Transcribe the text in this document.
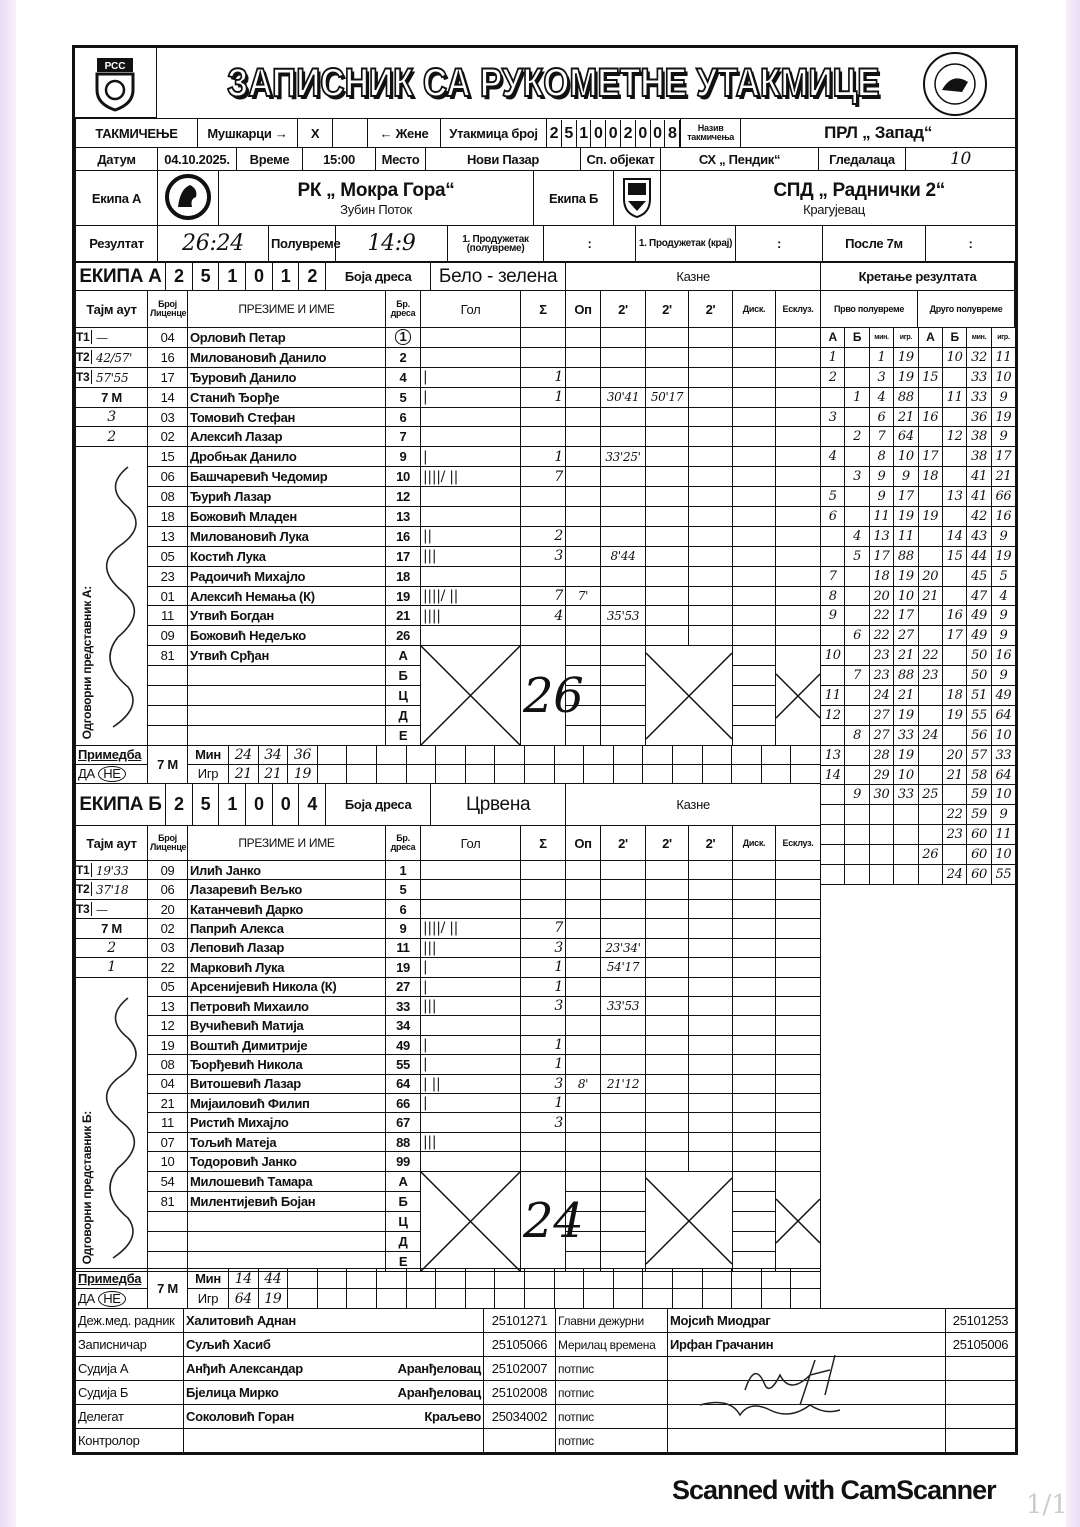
РСС	ЗАПИСНИК СА РУКОМЕТНЕ УТАКМИЦЕ
ТАКМИЧЕЊЕ	Мушкарци →	X		← Жене	Утакмица број	2 5 1 0 0 2 0 0 8	Назив такмичења	ПРЛ „ Запад“
Датум	04.10.2025.	Време	15:00	Место	Нови Пазар	Сп. објекат	СХ „ Пендик“	Гледалаца	10
Екипа А		РК „ Мокра Гора“
Зубин Поток
	Екипа Б		СПД „ Раднички 2“
Крагујевац
Резултат	26:24	Полувреме	14:9	1. Продужетак (полувреме)	:	1. Продужетак (крај)	:	После 7м	:
ЕКИПА А	2	5	1	0	1	2	Боја дреса	Бело - зелена	Казне
Тајм аут	Број Лиценце	ПРЕЗИМЕ И ИМЕ	Бр. дреса	Гол	Σ	Оп	2'	2'	2'	Диск.	Есклуз.

T1 —	04	Орловић Петар	1								

T2 42/57'	16	Миловановић Данило	2								

T3 57'55	17	Ђуровић Данило	4	|	1						
7 М	14	Станић Ђорђе	5	|	1		30'41	50'17			
3	03	Томовић Стефан	6								
2	02	Алексић Лазар	7								

Одговорни представник А:	15	Дробњак Данило	9	|	1		33'25'				
	06	Башчаревић Чедомир	10	||||/ ||	7						
	08	Ђурић Лазар	12								
	18	Божовић Младен	13								
	13	Миловановић Лука	16	||	2						
	05	Костић Лука	17	|||	3		8'44				
	23	Радоичић Михајло	18								
	01	Алексић Немања (К)	19	||||/ ||	7	7'					
	11	Утвић Богдан	21	||||	4		35'53				
	09	Божовић Недељко	26								
	81	Утвић Срђан	А		26			

			Б								
			Ц								
			Д								
			Е								
Примедба	7 М	Мин	24	34	36																	
ДА НЕ		Игр	21	21	19																	
ЕКИПА Б	2	5	1	0	0	4	Боја дреса	Црвена	Казне
Тајм аут	Број Лиценце	ПРЕЗИМЕ И ИМЕ	Бр. дреса	Гол	Σ	Оп	2'	2'	2'	Диск.	Есклуз.

T1 19'33	09	Илић Јанко	1								

T2 37'18	06	Лазаревић Вељко	5								

T3 —	20	Катанчевић Дарко	6								
7 М	02	Папрић Алекса	9	||||/ ||	7						
2	03	Леповић Лазар	11	|||	3		23'34'				
1	22	Марковић Лука	19	|	1		54'17				

Одговорни представник Б:	05	Арсенијевић Никола (К)	27	|	1						
	13	Петровић Михаило	33	|||	3		33'53				
	12	Вучићевић Матија	34								
	19	Воштић Димитрије	49	|	1						
	08	Ђорђевић Никола	55	|	1						
	04	Витошевић Лазар	64	| ||	3	8'	21'12				
	21	Мијаиловић Филип	66	|	1						
	11	Ристић Михајло	67		3						
	07	Тољић Матеја	88	|||							
	10	Тодоровић Јанко	99								
	54	Милошевић Тамара	А		24			

	81	Милентијевић Бојан	Б								
			Ц								
			Д								
			Е								
Примедба	7 М	Мин	14	44																		
ДА НЕ		Игр	64	19																		
Кретање резултата
Прво полувреме	Друго полувреме
А	Б	мин.	игр.	А	Б	мин.	игр.
1		1	19		10	32	11
2		3	19	15		33	10
	1	4	88		11	33	9
3		6	21	16		36	19
	2	7	64		12	38	9
4		8	10	17		38	17
	3	9	9	18		41	21
5		9	17		13	41	66
6		11	19	19		42	16
	4	13	11		14	43	9
	5	17	88		15	44	19
7		18	19	20		45	5
8		20	10	21		47	4
9		22	17		16	49	9
	6	22	27		17	49	9
10		23	21	22		50	16
	7	23	88	23		50	9
11		24	21		18	51	49
12		27	19		19	55	64
	8	27	33	24		56	10
13		28	19		20	57	33
14		29	10		21	58	64
	9	30	33	25		59	10
					22	59	9
					23	60	11
				26		60	10
					24	60	55
Деж.мед. радник	Халитовић Аднан	25101271	Главни дежурни	Мојсић Миодраг	25101253
Записничар	Суљић Хасиб	25105066	Мерилац времена	Ирфан Грачанин	25105006
Судија А	Анђић Александар Аранђеловац	25102007	потпис		
Судија Б	Бјелица Мирко Аранђеловац	25102008	потпис		
Делегат	Соколовић Горан Краљево	25034002	потпис		
Контролор			потпис		
Scanned with CamScanner 1/1
